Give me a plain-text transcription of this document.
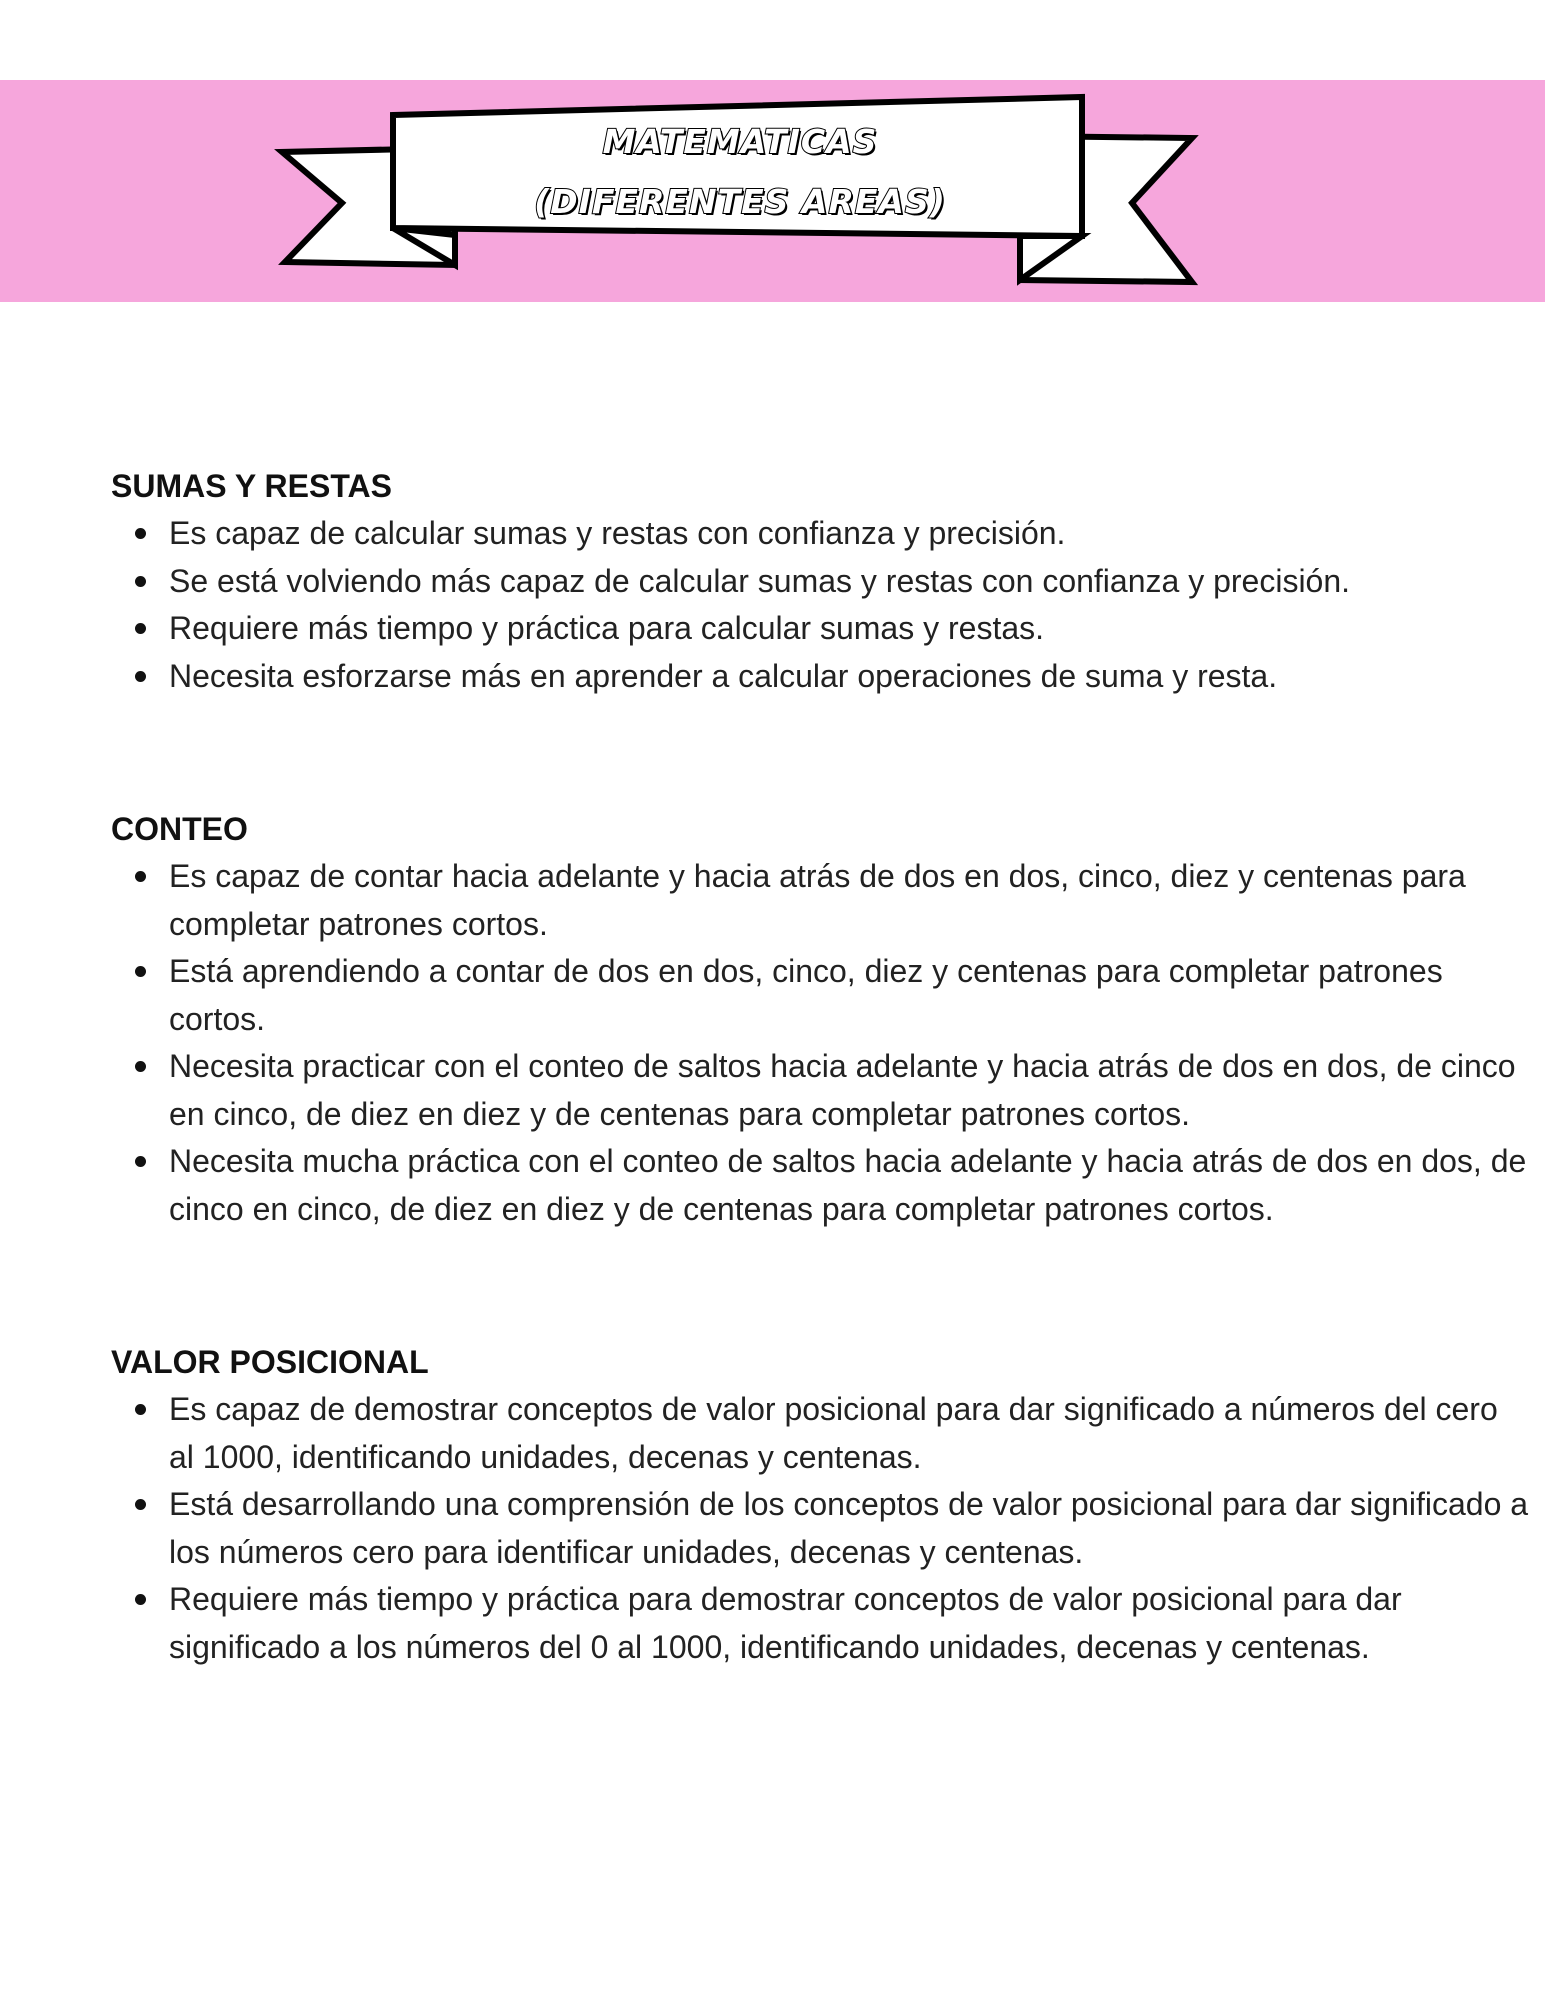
MATEMATICAS
(DIFERENTES AREAS)
SUMAS Y RESTAS
Es capaz de calcular sumas y restas con confianza y precisión.
Se está volviendo más capaz de calcular sumas y restas con confianza y precisión.
Requiere más tiempo y práctica para calcular sumas y restas.
Necesita esforzarse más en aprender a calcular operaciones de suma y resta.
CONTEO
Es capaz de contar hacia adelante y hacia atrás de dos en dos, cinco, diez y centenas para completar patrones cortos.
Está aprendiendo a contar de dos en dos, cinco, diez y centenas para completar patrones cortos.
Necesita practicar con el conteo de saltos hacia adelante y hacia atrás de dos en dos, de cinco en cinco, de diez en diez y de centenas para completar patrones cortos.
Necesita mucha práctica con el conteo de saltos hacia adelante y hacia atrás de dos en dos, de cinco en cinco, de diez en diez y de centenas para completar patrones cortos.
VALOR POSICIONAL
Es capaz de demostrar conceptos de valor posicional para dar significado a números del cero al 1000, identificando unidades, decenas y centenas.
Está desarrollando una comprensión de los conceptos de valor posicional para dar significado a los números cero para identificar unidades, decenas y centenas.
Requiere más tiempo y práctica para demostrar conceptos de valor posicional para dar significado a los números del 0 al 1000, identificando unidades, decenas y centenas.
